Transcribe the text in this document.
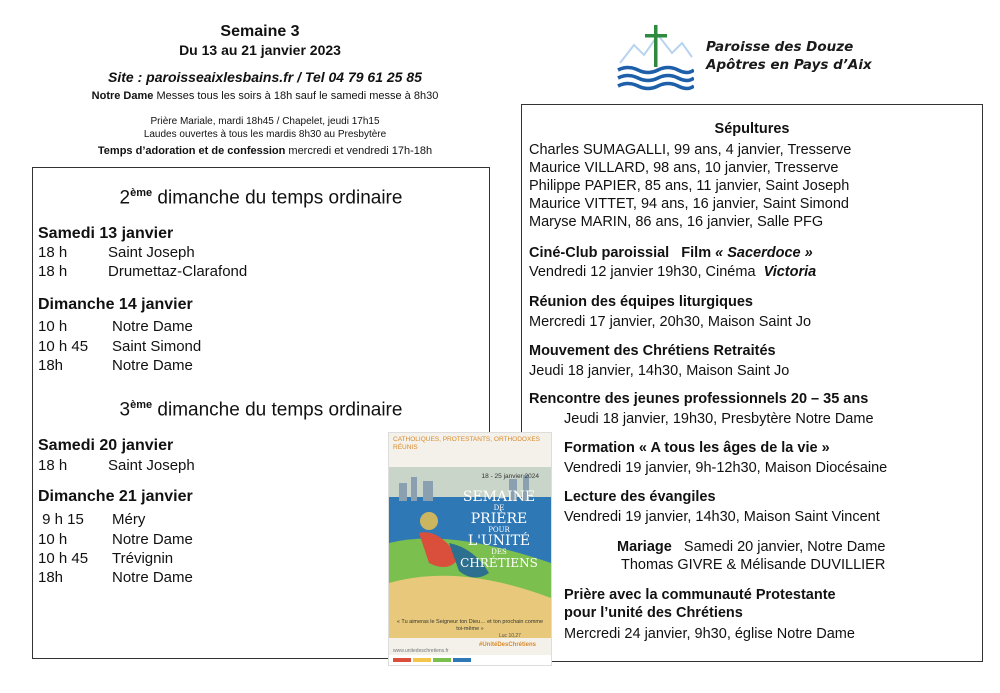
Semaine 3
Du 13 au 21 janvier 2023
Site : paroisseaixlesbains.fr / Tel 04 79 61 25 85
Notre Dame Messes tous les soirs à 18h sauf le samedi messe à 8h30
Prière Mariale, mardi 18h45 / Chapelet, jeudi 17h15
Laudes ouvertes à tous les mardis 8h30 au Presbytère
Temps d’adoration et de confession mercredi et vendredi 17h-18h
Paroisse des Douze
Apôtres en Pays d’Aix
2ème dimanche du temps ordinaire
Samedi 13 janvier
18 h	Saint Joseph
18 h	Drumettaz-Clarafond
Dimanche 14 janvier
10 h	Notre Dame
10 h 45 Saint Simond
18h	Notre Dame
3ème dimanche du temps ordinaire
Samedi 20 janvier
18 h	Saint Joseph
Dimanche 21 janvier
9 h 15 Méry
10 h	Notre Dame
10 h 45 Trévignin
18h	Notre Dame
Sépultures
Charles SUMAGALLI, 99 ans, 4 janvier, Tresserve
Maurice VILLARD, 98 ans, 10 janvier, Tresserve
Philippe PAPIER, 85 ans, 11 janvier, Saint Joseph
Maurice VITTET, 94 ans, 16 janvier, Saint Simond
Maryse MARIN, 86 ans, 16 janvier, Salle PFG
Ciné-Club paroissial   Film « Sacerdoce »
Vendredi 12 janvier 19h30, Cinéma  Victoria
Réunion des équipes liturgiques
Mercredi 17 janvier, 20h30, Maison Saint Jo
Mouvement des Chrétiens Retraités
Jeudi 18 janvier, 14h30, Maison Saint Jo
Rencontre des jeunes professionnels 20 – 35 ans
Jeudi 18 janvier, 19h30, Presbytère Notre Dame
Formation « A tous les âges de la vie »
Vendredi 19 janvier, 9h-12h30, Maison Diocésaine
Lecture des évangiles
Vendredi 19 janvier, 14h30, Maison Saint Vincent
Mariage   Samedi 20 janvier, Notre Dame
Thomas GIVRE & Mélisande DUVILLIER
Prière avec la communauté Protestante
pour l’unité des Chrétiens
Mercredi 24 janvier, 9h30, église Notre Dame
CATHOLIQUES, PROTESTANTS, ORTHODOXES RÉUNIS
18 - 25 janvier 2024
SEMAINE
DE
PRIÈRE
POUR
L'UNITÉ
DES
CHRÉTIENS
« Tu aimeras le Seigneur ton Dieu… et ton prochain comme toi-même »
Luc 10,27
#UnitéDesChrétiens
www.unitedeschretiens.fr
